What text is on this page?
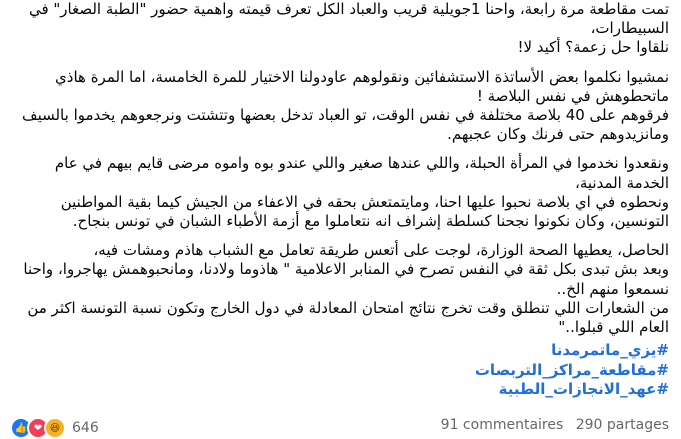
تمت مقاطعة مرة رابعة، واحنا 1جويلية قريب والعباد الكل تعرف قيمته واهمية حضور "الطبة الصغار" في السبيطارات،

نلقاوا حل زعمة؟ أكيد لا!

نمشيوا نكلموا بعض الأساتذة الاستشفائين ونقولوهم عاودولنا الاختيار للمرة الخامسة، اما المرة هاذي ماتحطوهش في نفس البلاصة !

فرقوهم على 40 بلاصة مختلفة في نفس الوقت، تو العباد تدخل بعضها وتتشتت ونرجعوهم يخدموا بالسيف ومانزيدوهم حتى فرنك وكان عجبهم.

ونقعدوا نخدموا في المرأة الحبلة، واللي عندها صغير واللي عندو بوه واموه مرضى قايم بيهم في عام الخدمة المدنية،

ونحطوه في اي بلاصة نحبوا عليها احنا، ومايتمتعش بحقه في الاعفاء من الجيش كيما بقية المواطنين التونسين، وكان نكونوا نجحنا كسلطة إشراف انه نتعاملوا مع أزمة الأطباء الشبان في تونس بنجاح.

الحاصل، يعطيها الصحة الوزارة، لوجت على أتعس طريقة تعامل مع الشباب هاذم ومشات فيه،

وبعد بش تبدى بكل ثقة في النفس تصرح في المنابر الاعلامية " هاذوما ولادنا، ومانحبوهمش يهاجروا، واحنا نسمعوا منهم الخ..

من الشعارات اللي تنطلق وقت تخرج نتائج امتحان المعادلة في دول الخارج وتكون نسبة التونسة اكثر من العام اللي قبلوا.."

#يزي_ماتمرمدنا
#مقاطعة_مراكز_التربصات
#عهد_الانجازات_الطبية
👍 ❤ 😆 646	91 commentaires 290 partages
